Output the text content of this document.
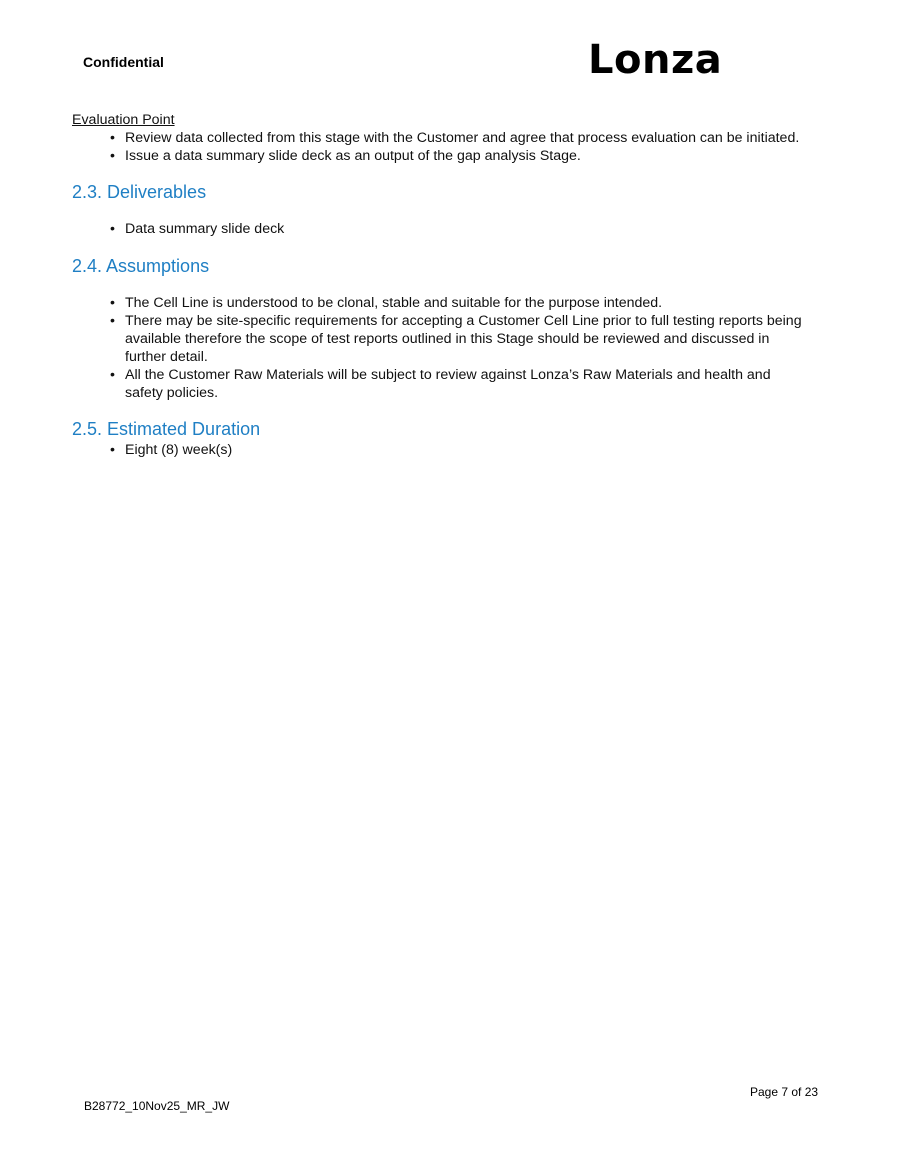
Confidential	Lonza

Evaluation Point

• Review data collected from this stage with the Customer and agree that process evaluation can be initiated.
• Issue a data summary slide deck as an output of the gap analysis Stage.
2.3. Deliverables
• Data summary slide deck
2.4. Assumptions
• The Cell Line is understood to be clonal, stable and suitable for the purpose intended.
• There may be site-specific requirements for accepting a Customer Cell Line prior to full testing reports being available therefore the scope of test reports outlined in this Stage should be reviewed and discussed in further detail.
• All the Customer Raw Materials will be subject to review against Lonza’s Raw Materials and health and safety policies.
2.5. Estimated Duration
• Eight (8) week(s)
Page 7 of 23
B28772_10Nov25_MR_JW
